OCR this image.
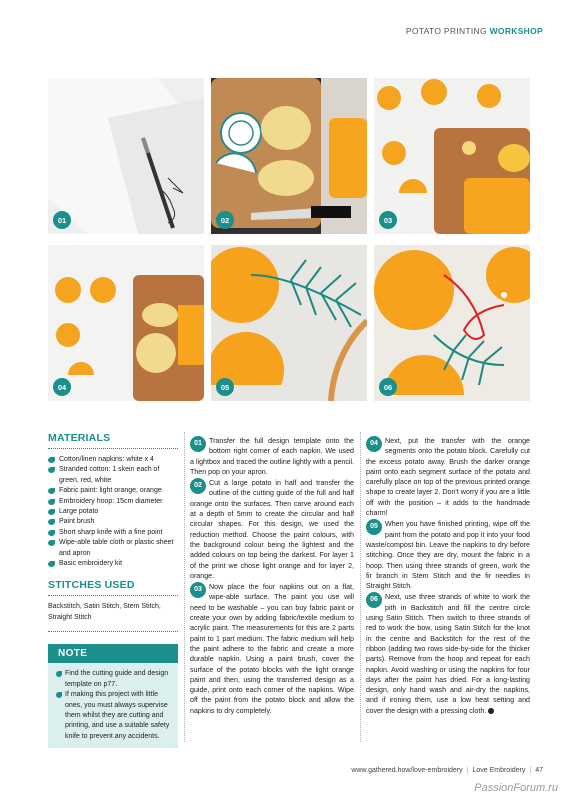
POTATO PRINTING WORKSHOP
01	02	03
04	05	06
MATERIALS
Cotton/linen napkins: white x 4
Stranded cotton: 1 skein each of green, red, white
Fabric paint: light orange, orange
Embroidery hoop: 15cm diameter
Large potato
Paint brush
Short sharp knife with a fine point
Wipe-able table cloth or plastic sheet and apron
Basic embroidery kit
STITCHES USED

Backstitch, Satin Stitch, Stem Stitch, Straight Stitch

NOTE
Find the cutting guide and design template on p77.
If making this project with little ones, you must always supervise them whilst they are cutting and printing, and use a suitable safety knife to prevent any accidents.
01	Transfer the full design template onto the bottom right corner of each napkin. We used a lightbox and traced the outline lightly with a pencil. Then pop on your apron.
02	Cut a large potato in half and transfer the outline of the cutting guide of the full and half orange onto the surfaces. Then carve around each at a depth of 5mm to create the circular and half circular shapes. For this design, we used the reduction method. Choose the paint colours, with the background colour being the lightest and the added colours on top being the darkest. For layer 1 of the print we chose light orange and for layer 2, orange.
03	Now place the four napkins out on a flat, wipe-able surface. The paint you use will need to be washable – you can buy fabric paint or create your own by adding fabric/textile medium to acrylic paint. The measurements for this are 2 parts paint to 1 part medium. The fabric medium will help the paint adhere to the fabric and create a more durable napkin. Using a paint brush, cover the surface of the potato blocks with the light orange paint and then, using the transferred design as a guide, print onto each corner of the napkins. Wipe off the paint from the potato block and allow the napkins to dry completely.
04	Next, put the transfer with the orange segments onto the potato block. Carefully cut the excess potato away. Brush the darker orange paint onto each segment surface of the potato and carefully place on top of the previous printed orange shape to create layer 2. Don't worry if you are a little off with the position – it adds to the handmade charm!
05	When you have finished printing, wipe off the paint from the potato and pop it into your food waste/compost bin. Leave the napkins to dry before stitching. Once they are dry, mount the fabric in a hoop. Then using three strands of green, work the fir branch in Stem Stitch and the fir needles in Straight Stitch.
06	Next, use three strands of white to work the pith in Backstitch and fill the centre circle using Satin Stitch. Then switch to three strands of red to work the bow, using Satin Stitch for the knot in the centre and Backstitch for the rest of the ribbon (adding two rows side-by-side for the thicker parts). Remove from the hoop and repeat for each napkin. Avoid washing or using the napkins for four days after the paint has dried. For a long-lasting design, only hand wash and air-dry the napkins, and if ironing them, use a low heat setting and cover the design with a pressing cloth.
www.gathered.how/love-embroidery | Love Embroidery | 47
PassionForum.ru
